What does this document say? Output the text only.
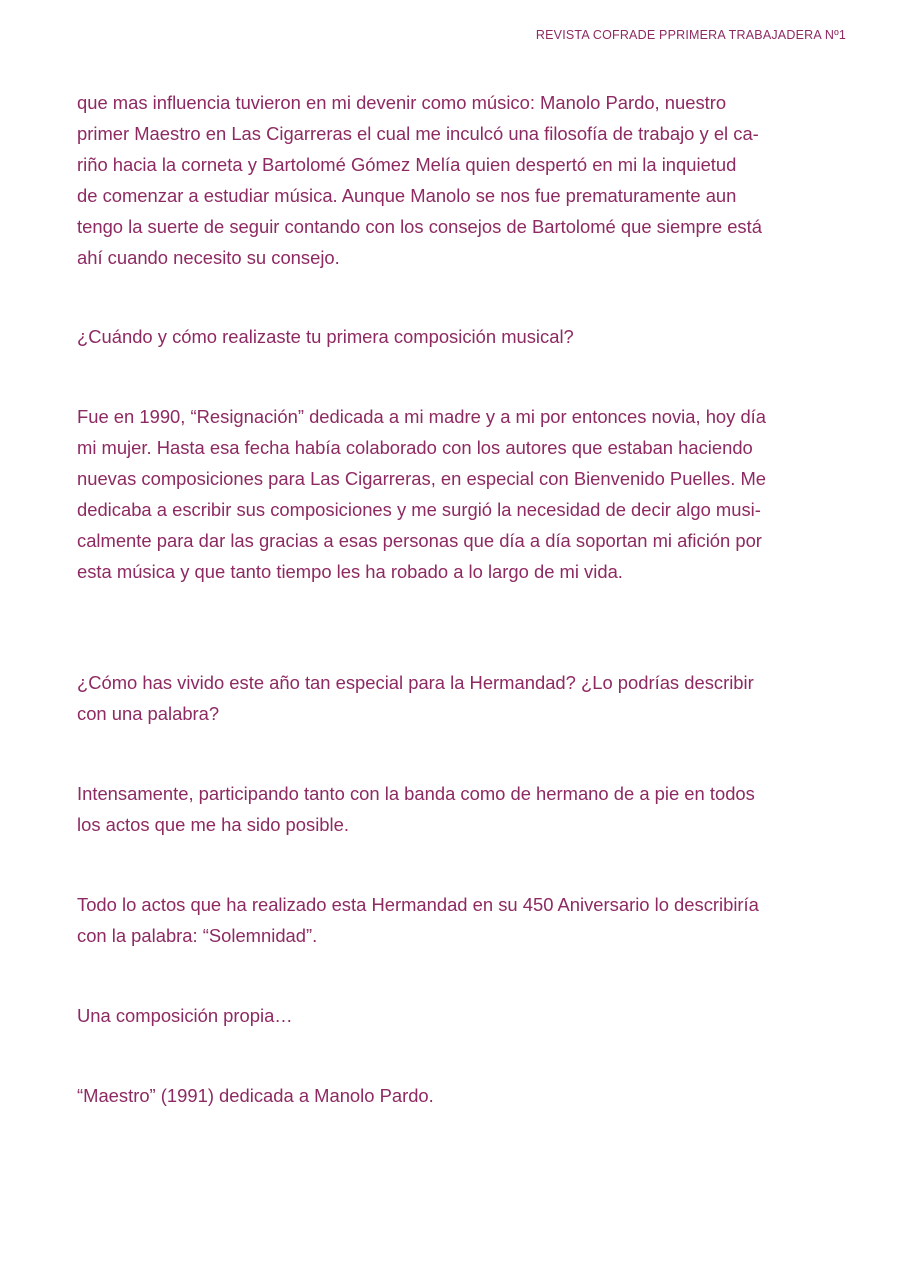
REVISTA COFRADE PPRIMERA TRABAJADERA Nº1
que mas influencia tuvieron en mi devenir como músico: Manolo Pardo, nuestro
primer Maestro en Las Cigarreras el cual me inculcó una filosofía de trabajo y el ca-
riño hacia la corneta y Bartolomé Gómez Melía quien despertó en mi la inquietud
de comenzar a estudiar música. Aunque Manolo se nos fue prematuramente aun
tengo la suerte de seguir contando con los consejos de Bartolomé que siempre está
ahí cuando necesito su consejo.
¿Cuándo y cómo realizaste tu primera composición musical?
Fue en 1990, “Resignación” dedicada a mi madre y a mi por entonces novia, hoy día
mi mujer. Hasta esa fecha había colaborado con los autores que estaban haciendo
nuevas composiciones para Las Cigarreras, en especial con Bienvenido Puelles. Me
dedicaba a escribir sus composiciones y me surgió la necesidad de decir algo musi-
calmente para dar las gracias a esas personas que día a día soportan mi afición por
esta música y que tanto tiempo les ha robado a lo largo de mi vida.
¿Cómo has vivido este año tan especial para la Hermandad? ¿Lo podrías describir
con una palabra?
Intensamente, participando tanto con la banda como de hermano de a pie en todos
los actos que me ha sido posible.
Todo lo actos que ha realizado esta Hermandad en su 450 Aniversario lo describiría
con la palabra: “Solemnidad”.
Una composición propia…
“Maestro” (1991) dedicada a Manolo Pardo.
